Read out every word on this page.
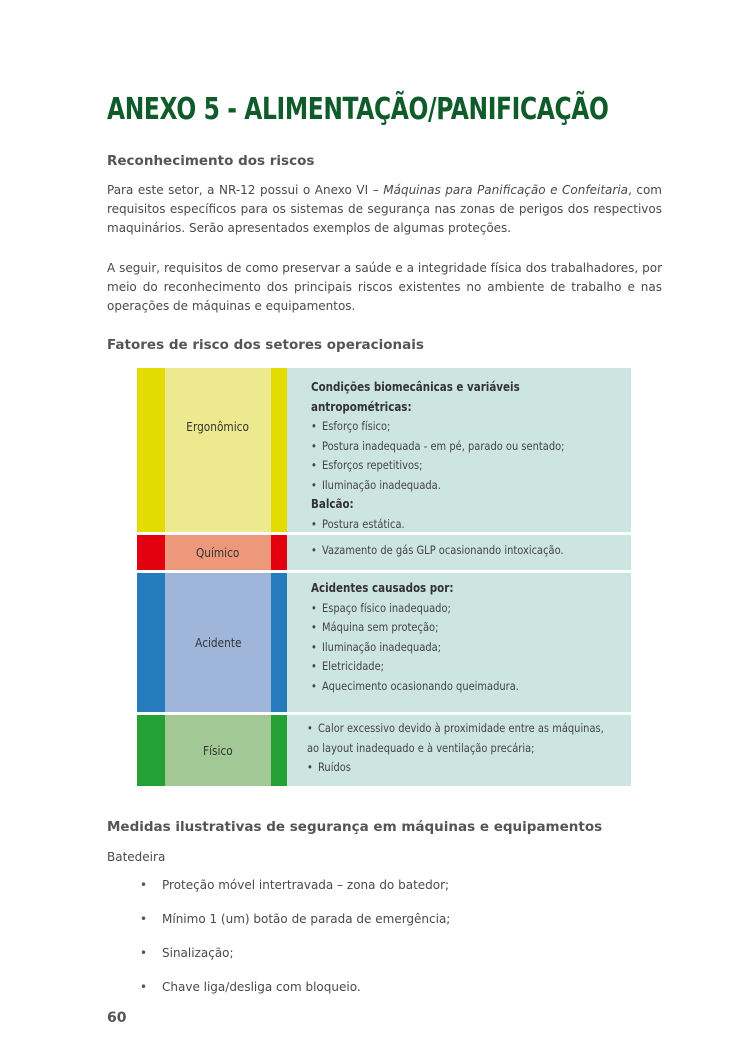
ANEXO 5 - ALIMENTAÇÃO/PANIFICAÇÃO
Reconhecimento dos riscos

Para este setor, a NR-12 possui o Anexo VI – Máquinas para Panificação e Confeitaria, com requisitos específicos para os sistemas de segurança nas zonas de perigos dos respectivos maquinários. Serão apresentados exemplos de algumas proteções.

A seguir, requisitos de como preservar a saúde e a integridade física dos trabalhadores, por meio do reconhecimento dos principais riscos existentes no ambiente de trabalho e nas operações de máquinas e equipamentos.

Fatores de risco dos setores operacionais
Ergonômico
Condições biomecânicas e variáveis antropométricas:
• Esforço físico;
• Postura inadequada - em pé, parado ou sentado;
• Esforços repetitivos;
• Iluminação inadequada.
Balcão:
• Postura estática.
Químico	• Vazamento de gás GLP ocasionando intoxicação.
Acidente
Acidentes causados por:
• Espaço físico inadequado;
• Máquina sem proteção;
• Iluminação inadequada;
• Eletricidade;
• Aquecimento ocasionando queimadura.
Físico
• Calor excessivo devido à proximidade entre as máquinas, ao layout inadequado e à ventilação precária;
• Ruídos
Medidas ilustrativas de segurança em máquinas e equipamentos

Batedeira

• Proteção móvel intertravada – zona do batedor;
• Mínimo 1 (um) botão de parada de emergência;
• Sinalização;
• Chave liga/desliga com bloqueio.

60
